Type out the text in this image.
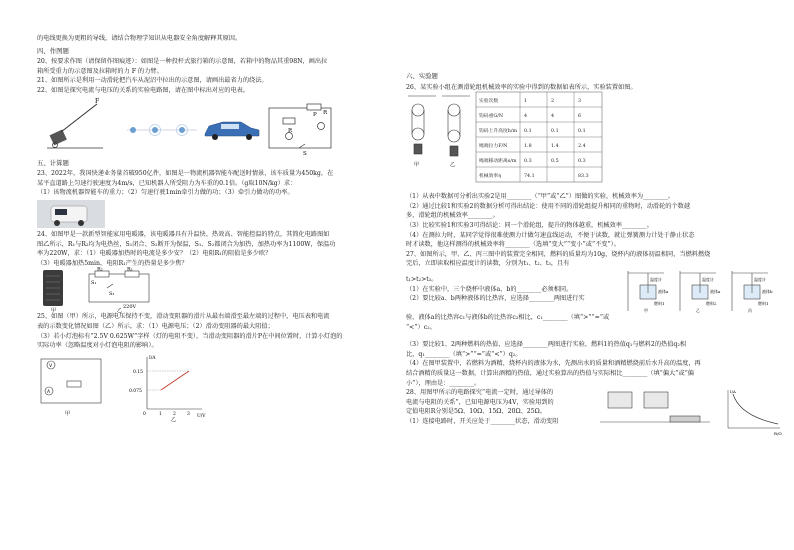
的电线更换为更粗的导线，请结合物理学知识从电器安全角度解释其原因。

四、作图题

20、按要求作图（请保留作图痕迹）：如图是一种投杆式旅行箱的示意图，若箱中的物品其重98N，画出拉

箱所受重力的示意图及拉箱时的力 F 的力臂。

21、如图所示是利用一动滑轮把汽车从泥沼中拉出的示意图，请画出最省力的绕法。

22、如图是探究电流与电压的关系的实验电路图，请在图中标出对应的电表。

F
R
P R
S

五、计算题

23、2022年，我国快递业务量首破950亿件，如图是一物流机器智能车配送时情景，该车质量为450kg，在

某平直道路上匀速行驶速度为4m/s，已知机器人所受阻力为车重的0.1倍。（g取10N/kg）求：

（1）该物流机器智能车的重力；（2）匀速行驶1min牵引力做的功；（3）牵引力做功的功率。

24、如图甲是一款新型智能家用电暖器，该电暖器具有升温快、热效高、智能控温的特点，其简化电路图如

图乙所示，R₁与R₂均为电热丝，S₁闭合、S₂断开为保温，S₁、S₂都闭合为加热，加热功率为1100W，保温功

率为220W，求：（1）电暖器加热时的电流是多少安？（2）电阻R₁的阻值是多少欧？

（3）电暖器加热5min，电阻R₁产生的热量是多少焦？

S₁
R₂	R₁
S₂
220V
甲	乙

25、如图（甲）所示，电源电压保持不变，滑动变阻器的滑片从最右端滑至最左端的过程中，电压表和电流

表的示数变化情况如图（乙）所示。求：（1）电源电压；（2）滑动变阻器的最大阻值；

（3）若小灯泡标有“2.5V 0.625W”字样（灯的电阻不变），当滑动变阻器的滑片P在中间位置时，计算小灯泡的

实际功率（忽略温度对小灯泡电阻的影响）。

V
A
甲
I/A
U/V
0.15
0.075
0	1 2 3
乙

六、实验题

26、某实验小组在测滑轮组机械效率的实验中得到的数据如表所示，实验装置如图。

甲	乙
实验次数	1	2	3
钩码重G/N	4	4	6
钩码上升高度h/m 0.1	0.1	0.1
绳端拉力F/N	1.8	1.4	2.4
绳端移动距离s/m 0.3	0.5	0.3
机械效率η	74.1	83.3

（1）从表中数据可分析出实验2是用________（“甲”或“乙”）图做的实验，机械效率为________。

（2）通过比较1和实验2的数据分析可得出结论：使用不同的滑轮组提升相同的重物时，动滑轮的个数越

多，滑轮组的机械效率________。

（3）比较实验1和实验3可得结论：同一个滑轮组，提升的物体越重，机械效率________。

（4）在测拉力时，某同学觉得很难使测力计做匀速直线运动，不便于读数，就让弹簧测力计处于静止状态

时才读数，他这样测得的机械效率将________（选填“变大”“变小”或“不变”）。

27、如图所示，甲、乙、丙三图中的装置完全相同，燃料的质量均为10g，烧杯内的液体初温相同，当燃料燃烧

完后，立即读取相应温度计的读数，分别为t₁、t₂、t₃，且有

t₁>t₂>t₃。

（1）在实验中，三个烧杯中液体a、b的________必须相同。

（2）要比较a、b两种液体的比热容，应选择________两图进行实

温度计	温度计	温度计
液体a	液体a	液体b
燃料1	燃料2	燃料1
甲	乙	丙

验，液体a的比热容c₁与液体b的比热容c₂相比，c₁________（填“>”“=”或

“<”）c₂。

（3）要比较1、2两种燃料的热值，应选择________两图进行实验，燃料1的热值q₁与燃料2的热值q₂相

比，q₁________（填“>”“=”或“<”）q₂。

（4）在图甲装置中，若燃料为酒精，烧杯内的液体为水，先测出水的质量和酒精燃烧前后水升高的温度，再

结合酒精的质量这一数据，计算出酒精的热值，通过实验算出的热值与实际相比________（填“偏大”或“偏

小”），理由是：________。

28、用图甲所示的电路探究“电流一定时，通过导体的

电流与电阻的关系”，已知电源电压为4V，实验用到的

定值电阻R分别是5Ω、10Ω、15Ω、20Ω、25Ω。

（1）连接电路时，开关应处于________状态，滑动变阻

I/A
R/Ω
